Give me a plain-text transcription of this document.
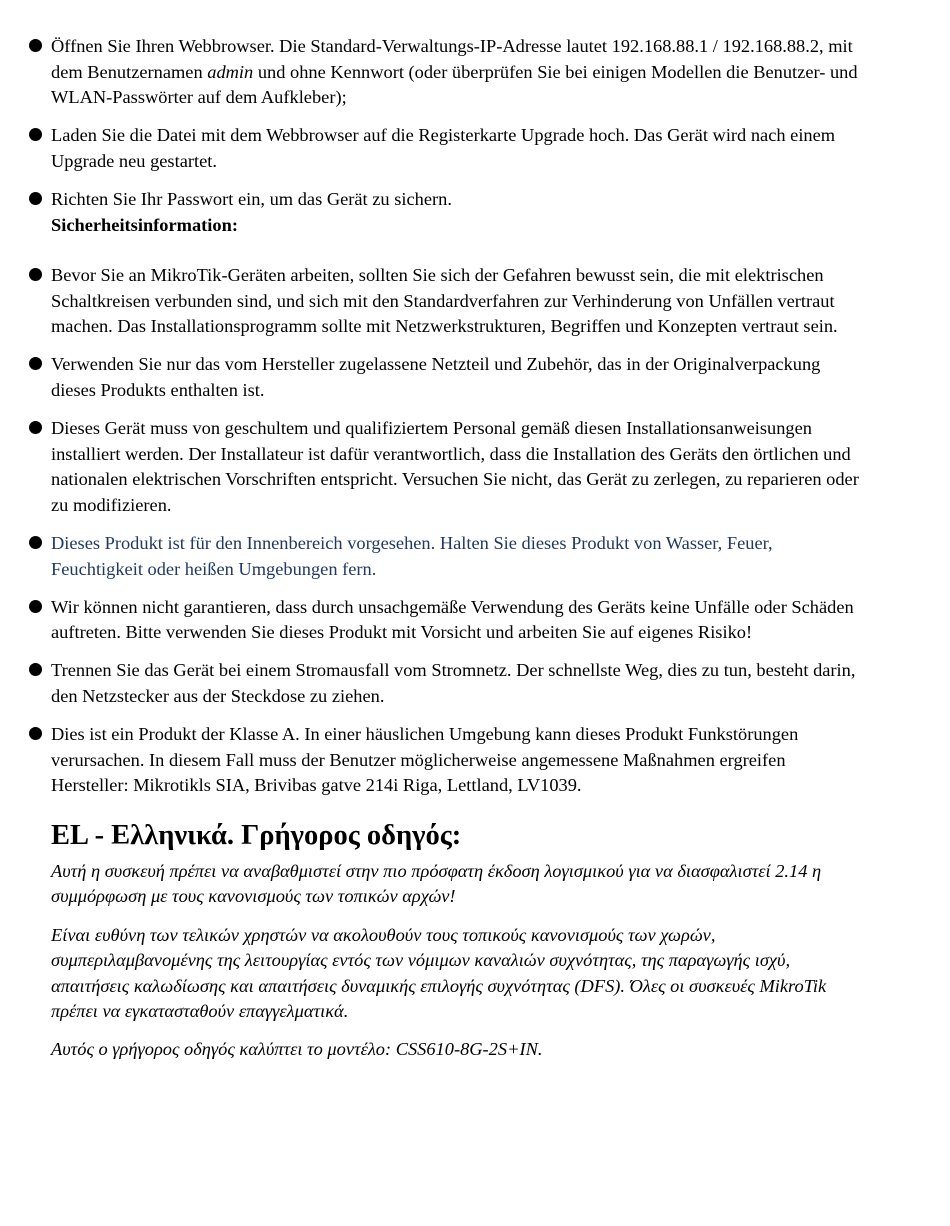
Öffnen Sie Ihren Webbrowser. Die Standard-Verwaltungs-IP-Adresse lautet 192.168.88.1 / 192.168.88.2, mit dem Benutzernamen admin und ohne Kennwort (oder überprüfen Sie bei einigen Modellen die Benutzer- und WLAN-Passwörter auf dem Aufkleber);
Laden Sie die Datei mit dem Webbrowser auf die Registerkarte Upgrade hoch. Das Gerät wird nach einem Upgrade neu gestartet.
Richten Sie Ihr Passwort ein, um das Gerät zu sichern.
Sicherheitsinformation:
Bevor Sie an MikroTik-Geräten arbeiten, sollten Sie sich der Gefahren bewusst sein, die mit elektrischen Schaltkreisen verbunden sind, und sich mit den Standardverfahren zur Verhinderung von Unfällen vertraut machen. Das Installationsprogramm sollte mit Netzwerkstrukturen, Begriffen und Konzepten vertraut sein.
Verwenden Sie nur das vom Hersteller zugelassene Netzteil und Zubehör, das in der Originalverpackung dieses Produkts enthalten ist.
Dieses Gerät muss von geschultem und qualifiziertem Personal gemäß diesen Installationsanweisungen installiert werden. Der Installateur ist dafür verantwortlich, dass die Installation des Geräts den örtlichen und nationalen elektrischen Vorschriften entspricht. Versuchen Sie nicht, das Gerät zu zerlegen, zu reparieren oder zu modifizieren.
Dieses Produkt ist für den Innenbereich vorgesehen. Halten Sie dieses Produkt von Wasser, Feuer, Feuchtigkeit oder heißen Umgebungen fern.
Wir können nicht garantieren, dass durch unsachgemäße Verwendung des Geräts keine Unfälle oder Schäden auftreten. Bitte verwenden Sie dieses Produkt mit Vorsicht und arbeiten Sie auf eigenes Risiko!
Trennen Sie das Gerät bei einem Stromausfall vom Stromnetz. Der schnellste Weg, dies zu tun, besteht darin, den Netzstecker aus der Steckdose zu ziehen.
Dies ist ein Produkt der Klasse A. In einer häuslichen Umgebung kann dieses Produkt Funkstörungen verursachen. In diesem Fall muss der Benutzer möglicherweise angemessene Maßnahmen ergreifen Hersteller: Mikrotikls SIA, Brivibas gatve 214i Riga, Lettland, LV1039.
EL - Ελληνικά. Γρήγορος οδηγός:

Αυτή η συσκευή πρέπει να αναβαθμιστεί στην πιο πρόσφατη έκδοση λογισμικού για να διασφαλιστεί 2.14 η συμμόρφωση με τους κανονισμούς των τοπικών αρχών!

Είναι ευθύνη των τελικών χρηστών να ακολουθούν τους τοπικούς κανονισμούς των χωρών, συμπεριλαμβανομένης της λειτουργίας εντός των νόμιμων καναλιών συχνότητας, της παραγωγής ισχύ, απαιτήσεις καλωδίωσης και απαιτήσεις δυναμικής επιλογής συχνότητας (DFS). Όλες οι συσκευές MikroTik πρέπει να εγκατασταθούν επαγγελματικά.

Αυτός ο γρήγορος οδηγός καλύπτει το μοντέλο: CSS610-8G-2S+IN.
